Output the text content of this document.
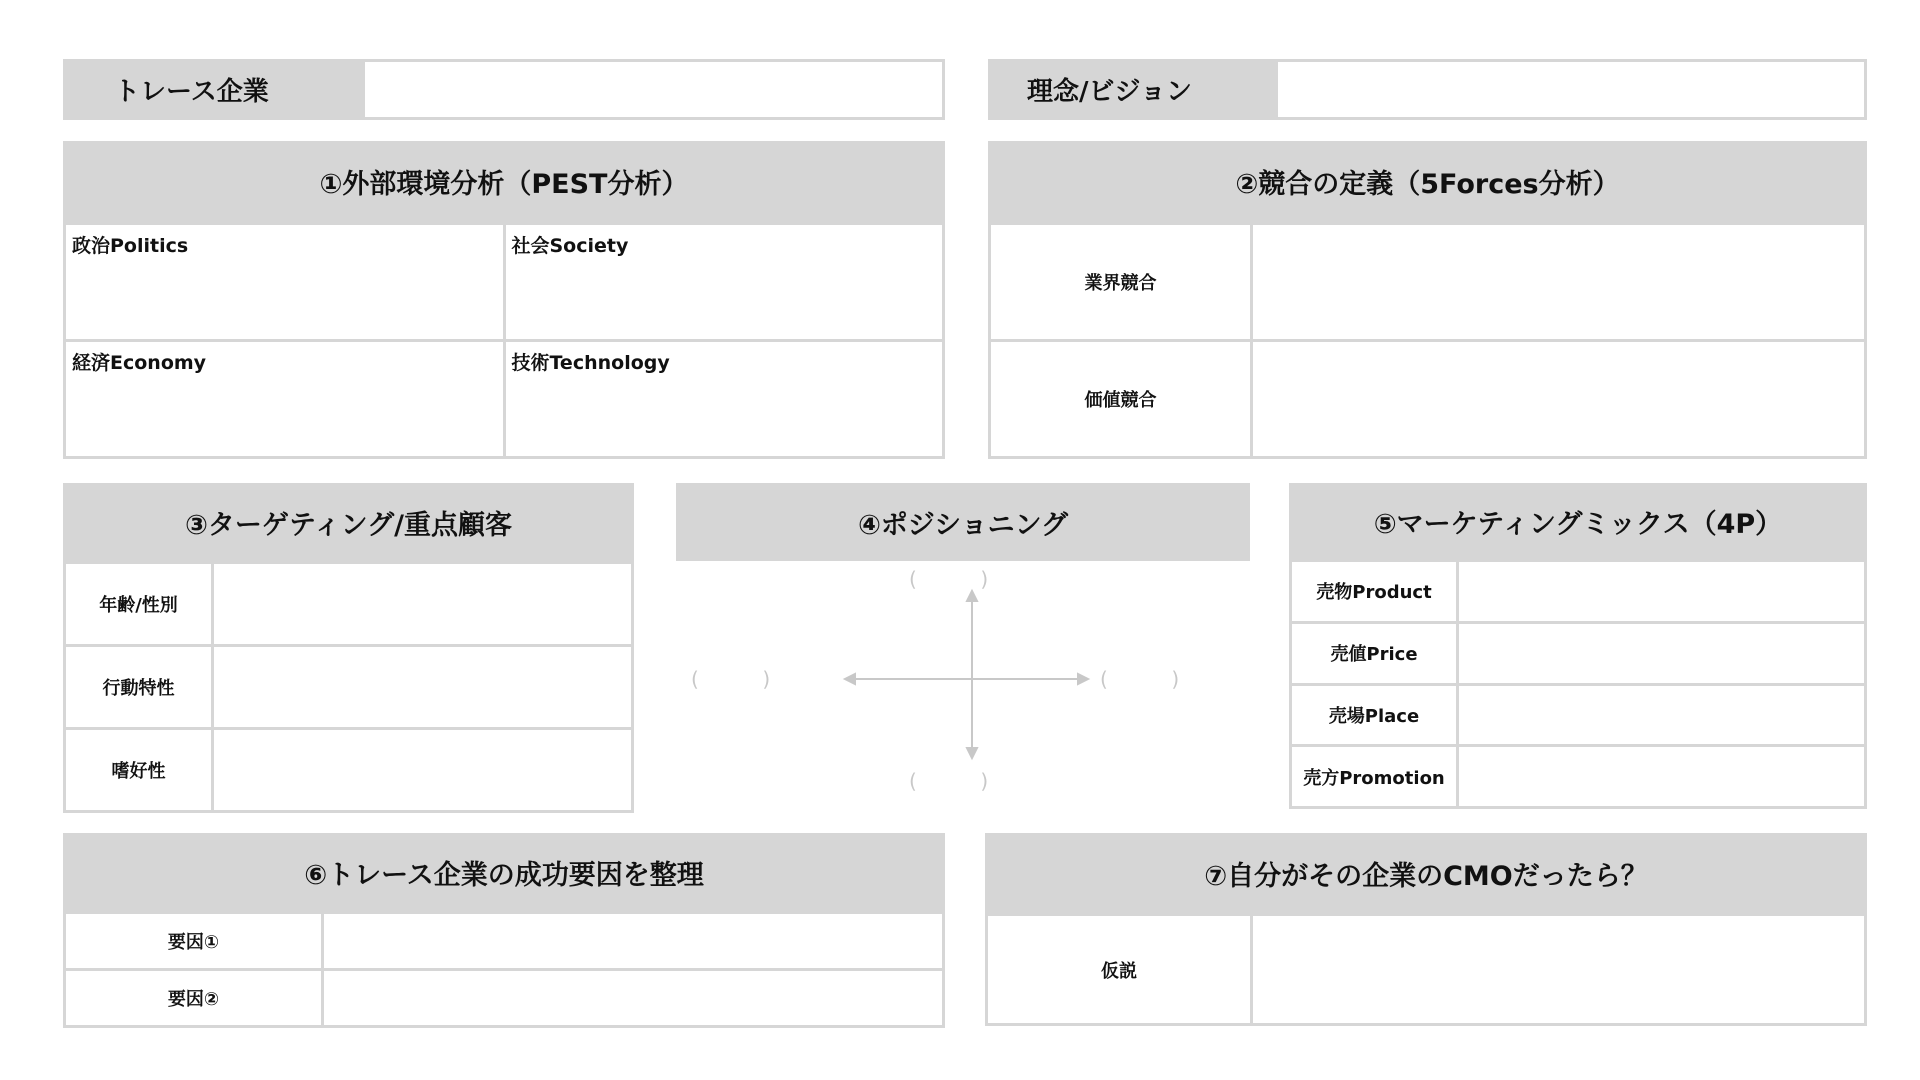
トレース企業	理念/ビジョン
①外部環境分析（PEST分析）
政治Politics	社会Society
経済Economy	技術Technology
②競合の定義（5Forces分析）
業界競合	
価値競合	
③ターゲティング/重点顧客
年齢/性別	
行動特性	
嗜好性	
④ポジショニング
(          )
(          )	(          )
(          )
⑤マーケティングミックス（4P）
売物Product	
売値Price	
売場Place	
売方Promotion	
⑥トレース企業の成功要因を整理
要因①	
要因②	
⑦自分がその企業のCMOだったら？
仮説	
